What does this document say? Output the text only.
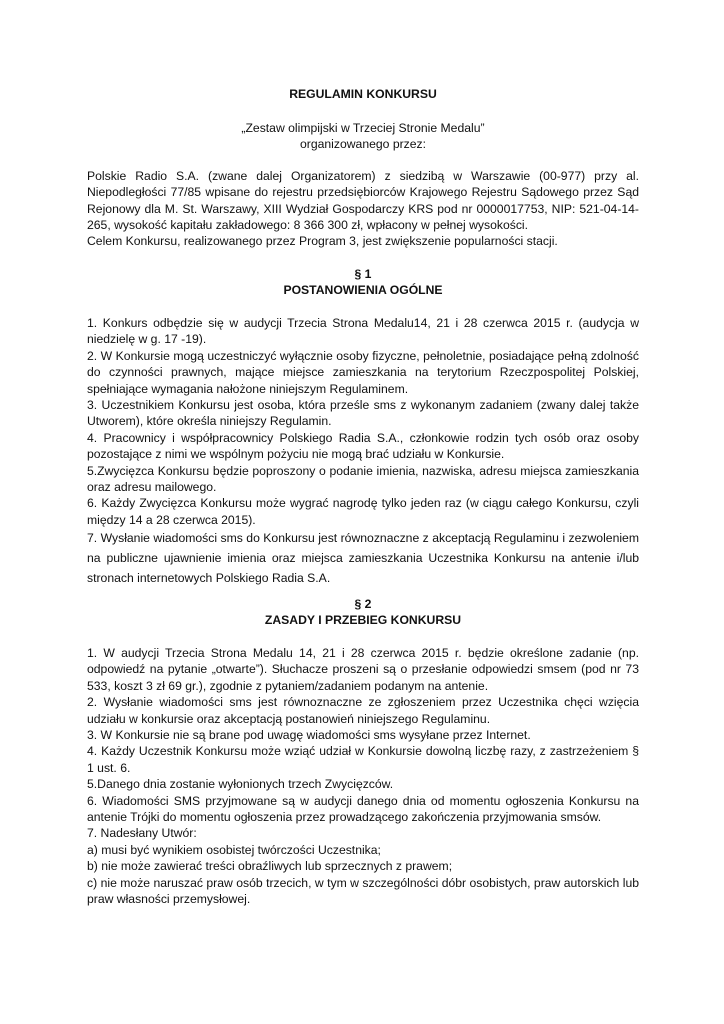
REGULAMIN KONKURSU
„Zestaw olimpijski w Trzeciej Stronie Medalu”
organizowanego przez:
Polskie Radio S.A. (zwane dalej Organizatorem) z siedzibą w Warszawie (00-977) przy al. Niepodległości 77/85 wpisane do rejestru przedsiębiorców Krajowego Rejestru Sądowego przez Sąd Rejonowy dla M. St. Warszawy, XIII Wydział Gospodarczy KRS pod nr 0000017753, NIP: 521-04-14-265, wysokość kapitału zakładowego: 8 366 300 zł, wpłacony w pełnej wysokości.
Celem Konkursu, realizowanego przez Program 3, jest zwiększenie popularności stacji.
§ 1
POSTANOWIENIA OGÓLNE

1. Konkurs odbędzie się w audycji Trzecia Strona Medalu14, 21 i 28 czerwca 2015 r. (audycja w niedzielę w g. 17 -19).

2. W Konkursie mogą uczestniczyć wyłącznie osoby fizyczne, pełnoletnie, posiadające pełną zdolność do czynności prawnych, mające miejsce zamieszkania na terytorium Rzeczpospolitej Polskiej, spełniające wymagania nałożone niniejszym Regulaminem.

3. Uczestnikiem Konkursu jest osoba, która prześle sms z wykonanym zadaniem (zwany dalej także Utworem), które określa niniejszy Regulamin.

4. Pracownicy i współpracownicy Polskiego Radia S.A., członkowie rodzin tych osób oraz osoby pozostające z nimi we wspólnym pożyciu nie mogą brać udziału w Konkursie.

5.Zwycięzca Konkursu będzie poproszony o podanie imienia, nazwiska, adresu miejsca zamieszkania oraz adresu mailowego.

6. Każdy Zwycięzca Konkursu może wygrać nagrodę tylko jeden raz (w ciągu całego Konkursu, czyli między 14 a 28 czerwca 2015).

7. Wysłanie wiadomości sms do Konkursu jest równoznaczne z akceptacją Regulaminu i zezwoleniem na publiczne ujawnienie imienia oraz miejsca zamieszkania Uczestnika Konkursu na antenie i/lub stronach internetowych Polskiego Radia S.A.

§ 2
ZASADY I PRZEBIEG KONKURSU

1. W audycji Trzecia Strona Medalu 14, 21 i 28 czerwca 2015 r. będzie określone zadanie (np. odpowiedź na pytanie „otwarte”). Słuchacze proszeni są o przesłanie odpowiedzi smsem (pod nr 73 533, koszt 3 zł 69 gr.), zgodnie z pytaniem/zadaniem podanym na antenie.

2. Wysłanie wiadomości sms jest równoznaczne ze zgłoszeniem przez Uczestnika chęci wzięcia udziału w konkursie oraz akceptacją postanowień niniejszego Regulaminu.

3. W Konkursie nie są brane pod uwagę wiadomości sms wysyłane przez Internet.

4. Każdy Uczestnik Konkursu może wziąć udział w Konkursie dowolną liczbę razy, z zastrzeżeniem § 1 ust. 6.

5.Danego dnia zostanie wyłonionych trzech Zwycięzców.

6. Wiadomości SMS przyjmowane są w audycji danego dnia od momentu ogłoszenia Konkursu na antenie Trójki do momentu ogłoszenia przez prowadzącego zakończenia przyjmowania smsów.

7. Nadesłany Utwór:

a) musi być wynikiem osobistej twórczości Uczestnika;

b) nie może zawierać treści obraźliwych lub sprzecznych z prawem;

c) nie może naruszać praw osób trzecich, w tym w szczególności dóbr osobistych, praw autorskich lub praw własności przemysłowej.
